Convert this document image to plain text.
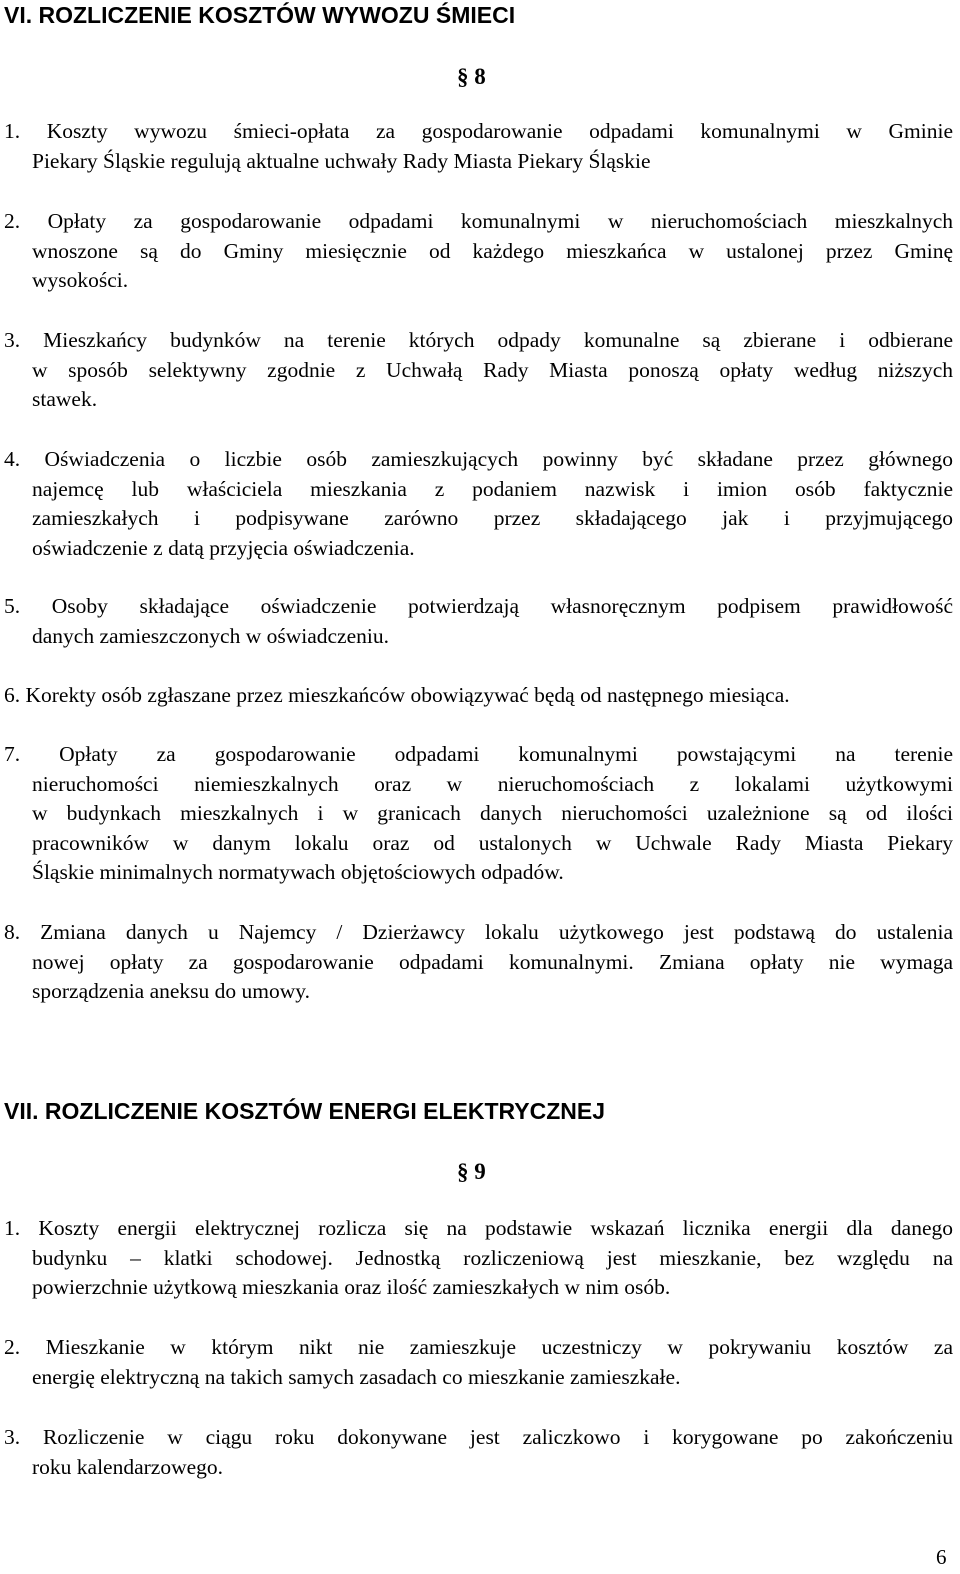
VI. ROZLICZENIE KOSZTÓW WYWOZU ŚMIECI
§ 8
1. Koszty wywozu śmieci-opłata za gospodarowanie odpadami komunalnymi w Gminie
Piekary Śląskie regulują aktualne uchwały Rady Miasta Piekary Śląskie
2. Opłaty za gospodarowanie odpadami komunalnymi w nieruchomościach mieszkalnych
wnoszone są do Gminy miesięcznie od każdego mieszkańca w ustalonej przez Gminę
wysokości.
3. Mieszkańcy budynków na terenie których odpady komunalne są zbierane i odbierane
w sposób selektywny zgodnie z Uchwałą Rady Miasta ponoszą opłaty według niższych
stawek.
4. Oświadczenia o liczbie osób zamieszkujących powinny być składane przez głównego
najemcę lub właściciela mieszkania z podaniem nazwisk i imion osób faktycznie
zamieszkałych i podpisywane zarówno przez składającego jak i przyjmującego
oświadczenie z datą przyjęcia oświadczenia.
5. Osoby składające oświadczenie potwierdzają własnoręcznym podpisem prawidłowość
danych zamieszczonych w oświadczeniu.
6. Korekty osób zgłaszane przez mieszkańców obowiązywać będą od następnego miesiąca.
7. Opłaty za gospodarowanie odpadami komunalnymi powstającymi na terenie
nieruchomości niemieszkalnych oraz w nieruchomościach z lokalami użytkowymi
w budynkach mieszkalnych i w granicach danych nieruchomości uzależnione są od ilości
pracowników w danym lokalu oraz od ustalonych w Uchwale Rady Miasta Piekary
Śląskie minimalnych normatywach objętościowych odpadów.
8. Zmiana danych u Najemcy / Dzierżawcy lokalu użytkowego jest podstawą do ustalenia
nowej opłaty za gospodarowanie odpadami komunalnymi. Zmiana opłaty nie wymaga
sporządzenia aneksu do umowy.
VII. ROZLICZENIE KOSZTÓW ENERGI ELEKTRYCZNEJ
§ 9
1. Koszty energii elektrycznej rozlicza się na podstawie wskazań licznika energii dla danego
budynku – klatki schodowej. Jednostką rozliczeniową jest mieszkanie, bez względu na
powierzchnie użytkową mieszkania oraz ilość zamieszkałych w nim osób.
2. Mieszkanie w którym nikt nie zamieszkuje uczestniczy w pokrywaniu kosztów za
energię elektryczną na takich samych zasadach co mieszkanie zamieszkałe.
3. Rozliczenie w ciągu roku dokonywane jest zaliczkowo i korygowane po zakończeniu
roku kalendarzowego.
6
